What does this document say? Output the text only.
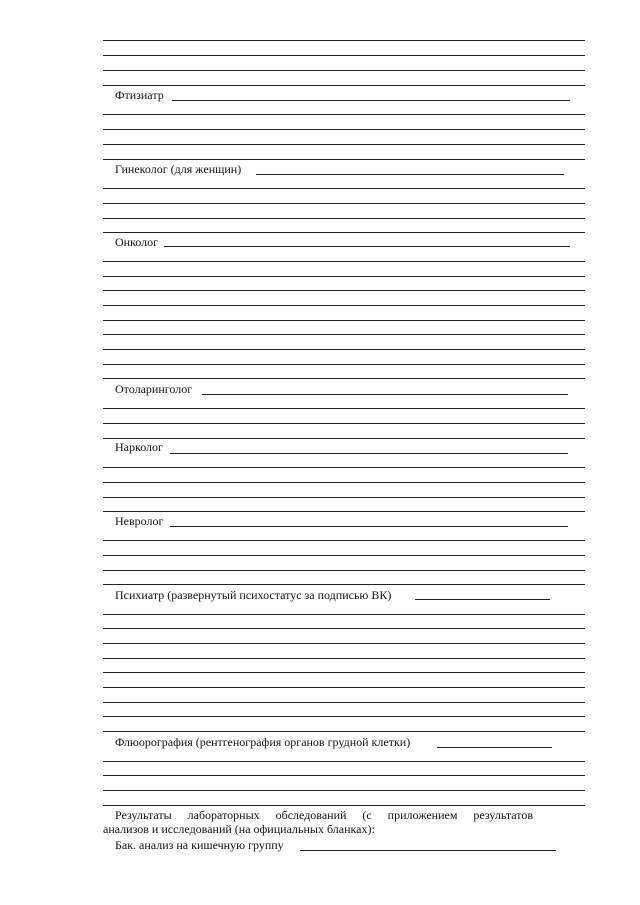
Фтизиатр
Гинеколог (для женщин)
Онколог
Отоларинголог
Нарколог
Невролог
Психиатр (развернутый психостатус за подписью ВК)
Флюорография (рентгенография органов грудной клетки)
Результаты лабораторных обследований (с приложением результатов
анализов и исследований (на официальных бланках):
Бак. анализ на кишечную группу
